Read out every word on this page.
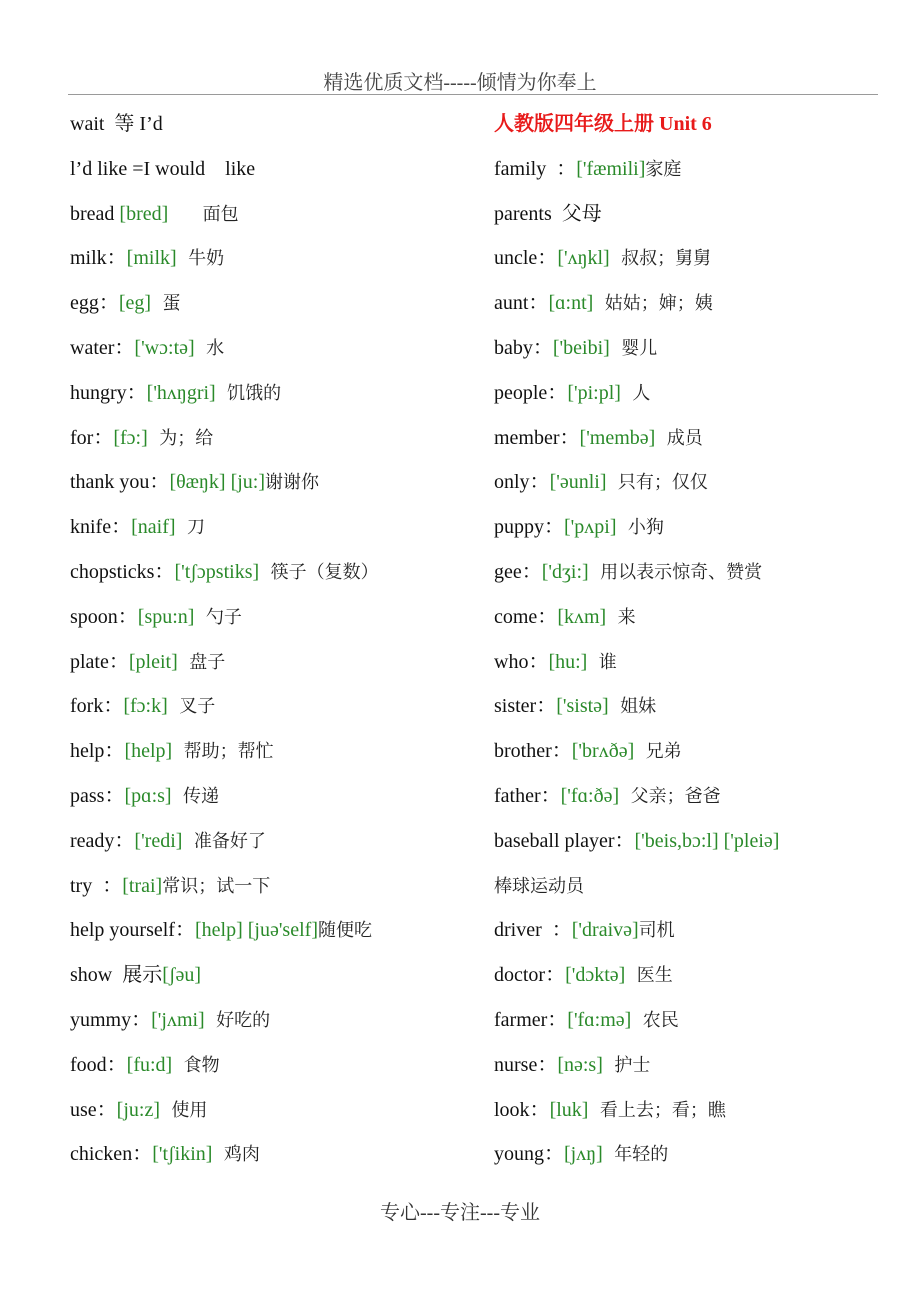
精选优质文档-----倾情为你奉上
wait  等 I’d
l’d like =I would    like
bread [bred]      面包
milk：[milk]  牛奶
egg：[eg]  蛋
water：['wɔ:tə]  水
hungry：['hʌŋgri]  饥饿的
for：[fɔ:]  为；给
thank you：[θæŋk] [ju:]谢谢你
knife：[naif]  刀
chopsticks：['tʃɔpstiks]  筷子（复数）
spoon：[spu:n]  勺子
plate：[pleit]  盘子
fork：[fɔ:k]  叉子
help：[help]  帮助；帮忙
pass：[pɑ:s]  传递
ready：['redi]  准备好了
try  ：[trai]常识；试一下
help yourself：[help] [juə'self]随便吃
show  展示[ʃəu]
yummy：['jʌmi]  好吃的
food：[fu:d]  食物
use：[ju:z]  使用
chicken：['tʃikin]  鸡肉
人教版四年级上册 Unit 6
family  ：['fæmili]家庭
parents  父母
uncle：['ʌŋkl]  叔叔；舅舅
aunt：[ɑ:nt]  姑姑；婶；姨
baby：['beibi]  婴儿
people：['pi:pl]  人
member：['membə]  成员
only：['əunli]  只有；仅仅
puppy：['pʌpi]  小狗
gee：['dʒi:]  用以表示惊奇、赞赏
come：[kʌm]  来
who：[hu:]  谁
sister：['sistə]  姐妹
brother：['brʌðə]  兄弟
father：['fɑ:ðə]  父亲；爸爸
baseball player：['beis,bɔ:l] ['pleiə]
棒球运动员
driver  ：['draivə]司机
doctor：['dɔktə]  医生
farmer：['fɑ:mə]  农民
nurse：[nə:s]  护士
look：[luk]  看上去；看；瞧
young：[jʌŋ]  年轻的
专心---专注---专业
